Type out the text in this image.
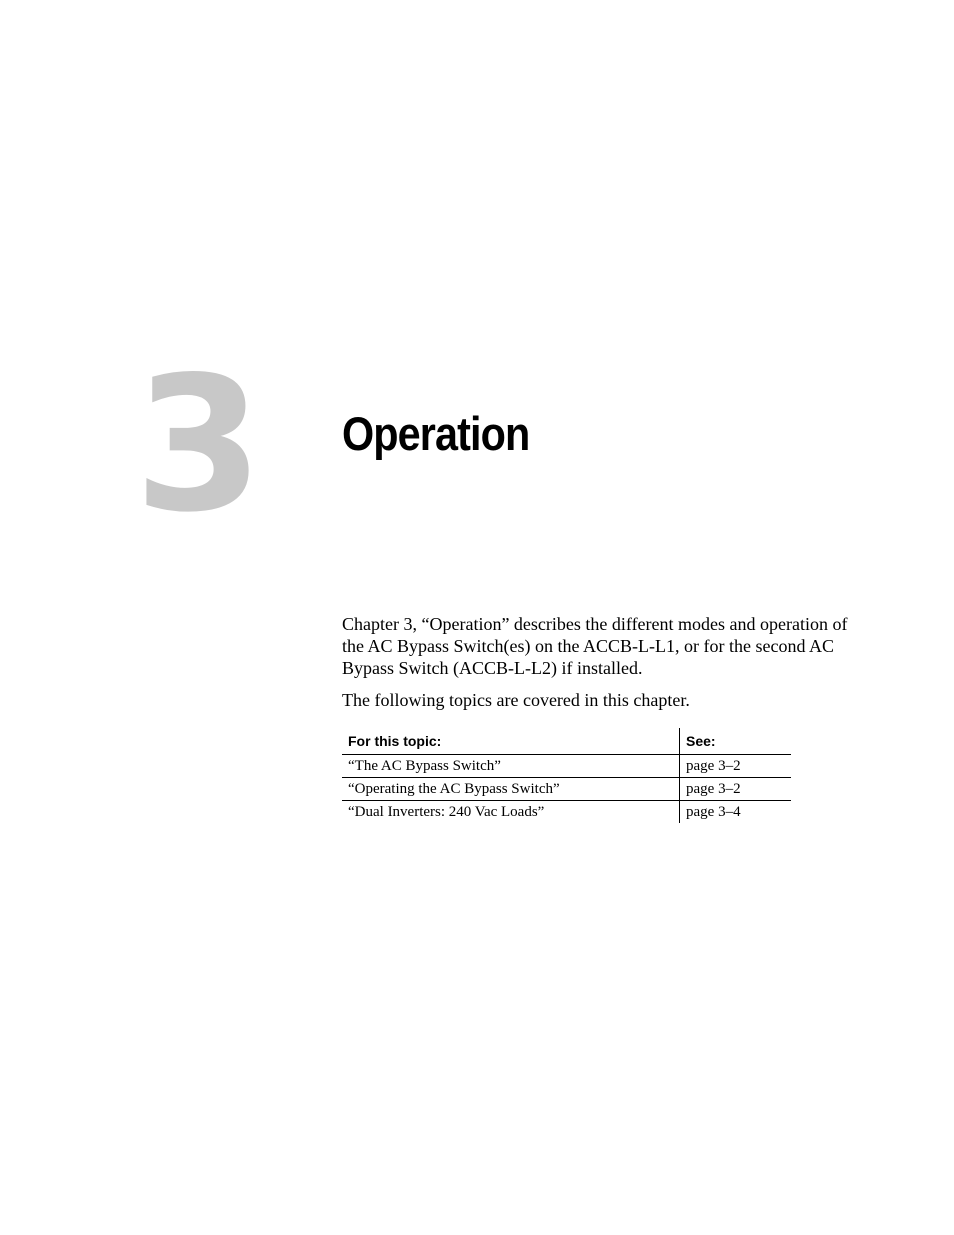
3 Operation

Chapter 3, “Operation” describes the different modes and operation of the AC Bypass Switch(es) on the ACCB-L-L1, or for the second AC Bypass Switch (ACCB-L-L2) if installed.

The following topics are covered in this chapter.

For this topic:	See:
“The AC Bypass Switch”	page 3–2
“Operating the AC Bypass Switch”	page 3–2
“Dual Inverters: 240 Vac Loads”	page 3–4
